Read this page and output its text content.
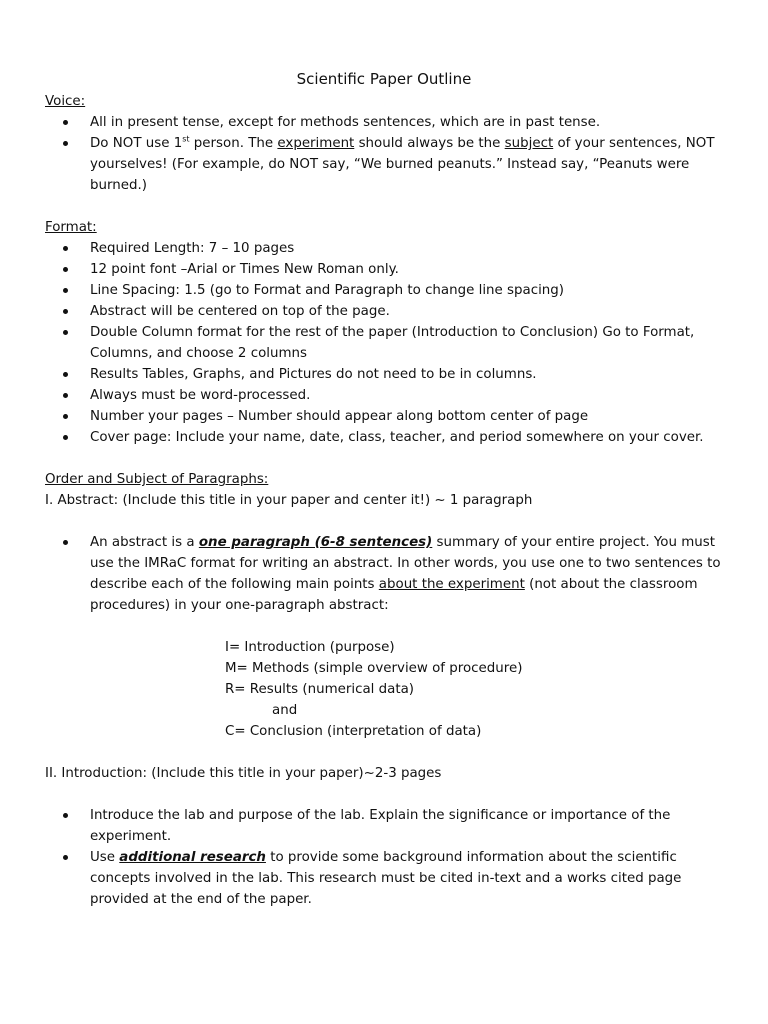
Scientific Paper Outline
Voice:
All in present tense, except for methods sentences, which are in past tense.
Do NOT use 1st person. The experiment should always be the subject of your sentences, NOT yourselves! (For example, do NOT say, “We burned peanuts.” Instead say, “Peanuts were burned.)
Format:
Required Length: 7 – 10 pages
12 point font –Arial or Times New Roman only.
Line Spacing: 1.5 (go to Format and Paragraph to change line spacing)
Abstract will be centered on top of the page.
Double Column format for the rest of the paper (Introduction to Conclusion) Go to Format, Columns, and choose 2 columns
Results Tables, Graphs, and Pictures do not need to be in columns.
Always must be word-processed.
Number your pages – Number should appear along bottom center of page
Cover page: Include your name, date, class, teacher, and period somewhere on your cover.
Order and Subject of Paragraphs:
I. Abstract: (Include this title in your paper and center it!) ~ 1 paragraph
An abstract is a one paragraph (6-8 sentences) summary of your entire project. You must use the IMRaC format for writing an abstract. In other words, you use one to two sentences to describe each of the following main points about the experiment (not about the classroom procedures) in your one-paragraph abstract:
I= Introduction (purpose)
M= Methods (simple overview of procedure)
R= Results (numerical data)
and
C= Conclusion (interpretation of data)
II. Introduction: (Include this title in your paper)~2-3 pages
Introduce the lab and purpose of the lab. Explain the significance or importance of the experiment.
Use additional research to provide some background information about the scientific concepts involved in the lab. This research must be cited in-text and a works cited page provided at the end of the paper.
